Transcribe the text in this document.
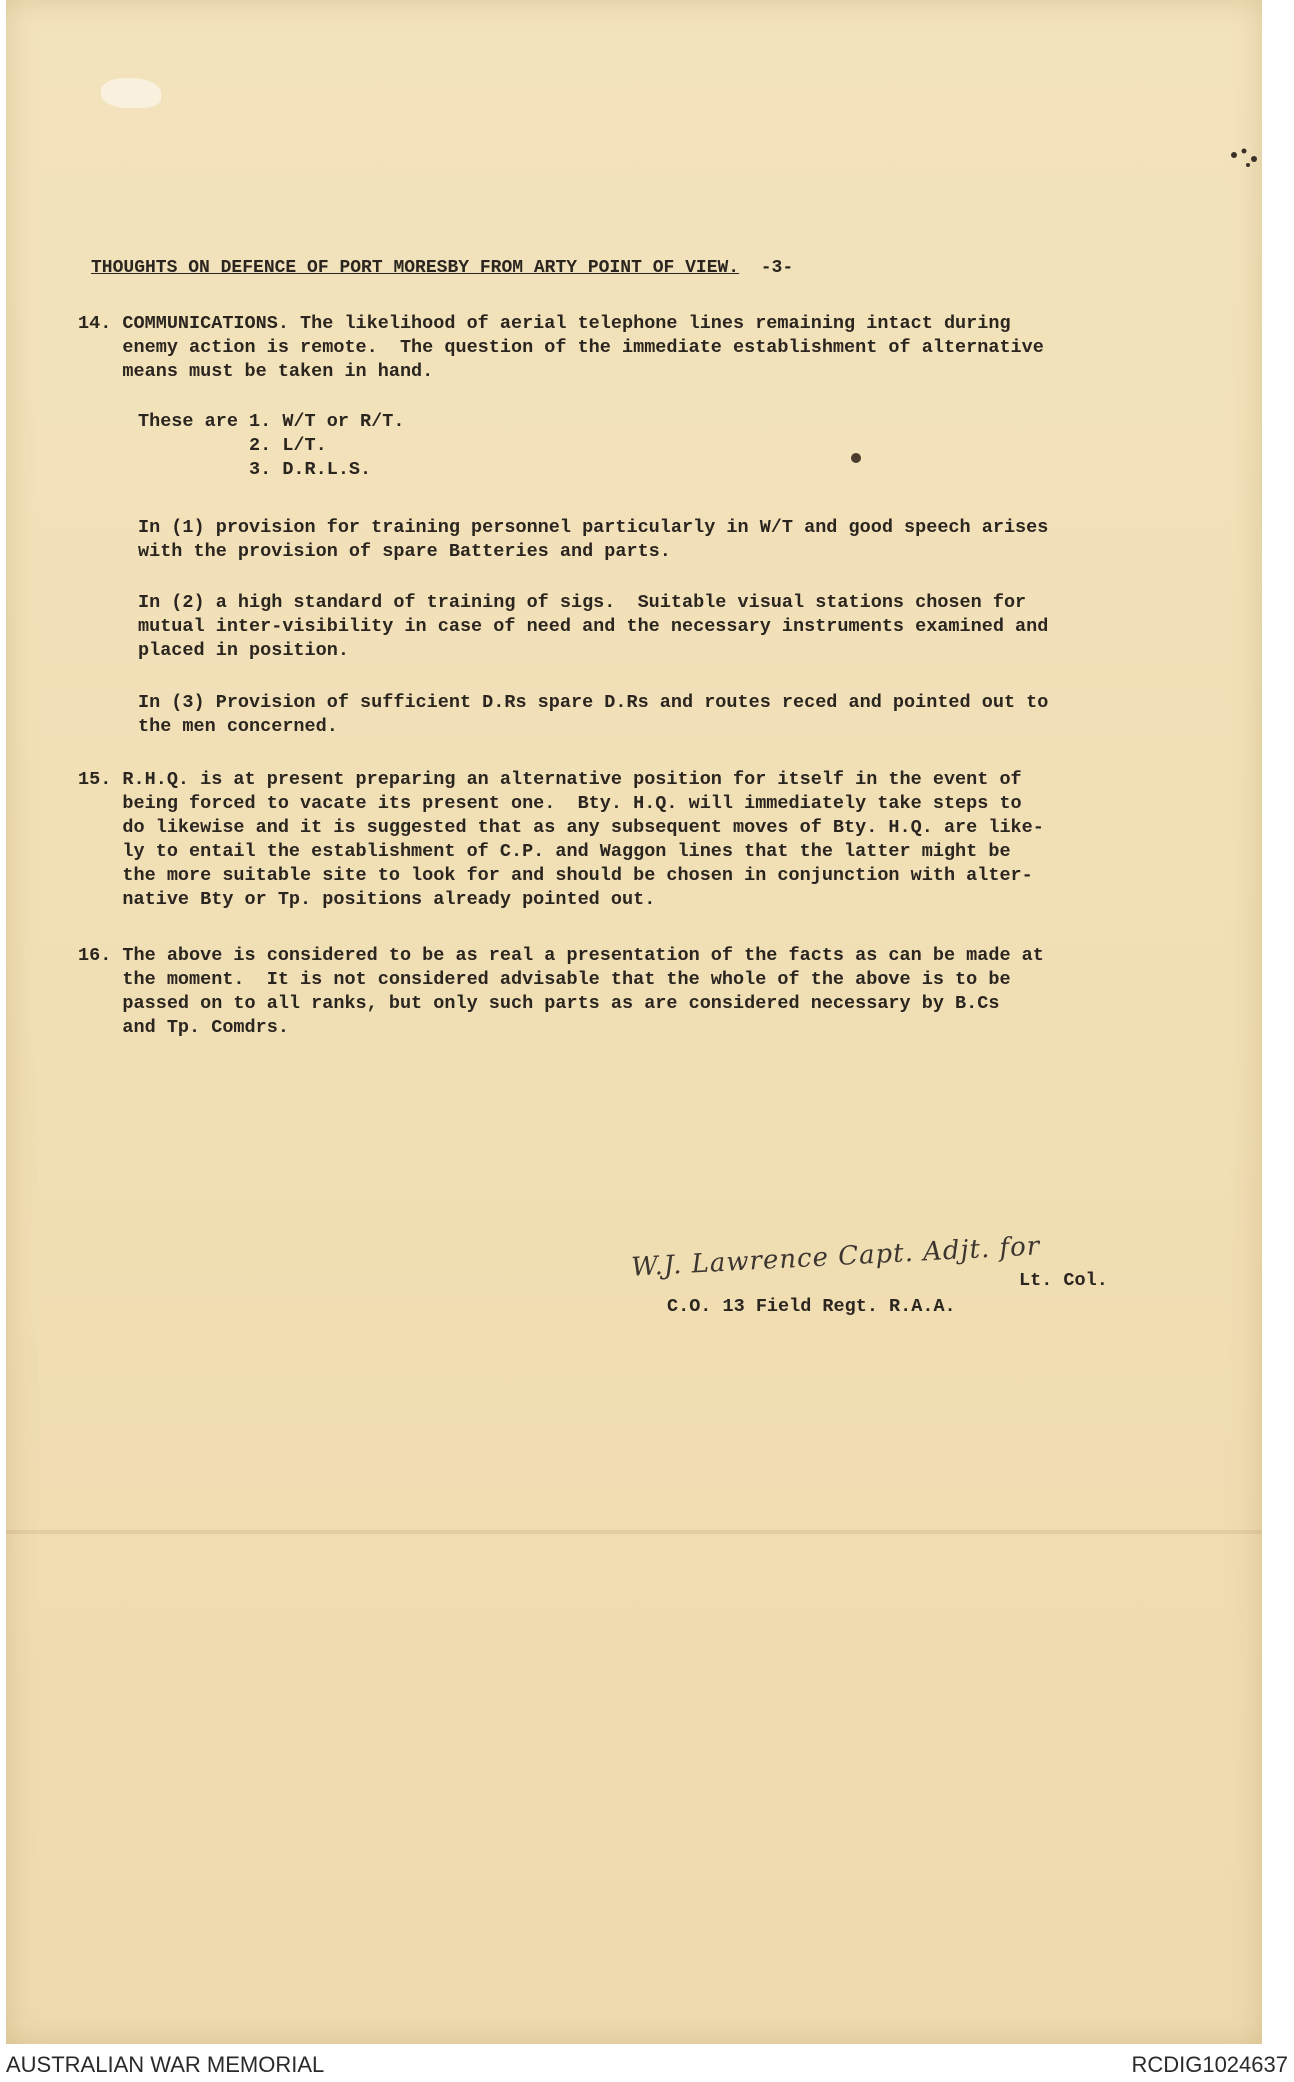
THOUGHTS ON DEFENCE OF PORT MORESBY FROM ARTY POINT OF VIEW. -3-
14. COMMUNICATIONS. The likelihood of aerial telephone lines remaining intact during
enemy action is remote.  The question of the immediate establishment of alternative
means must be taken in hand.
These are 1. W/T or R/T.
2. L/T.
3. D.R.L.S.
In (1) provision for training personnel particularly in W/T and good speech arises
with the provision of spare Batteries and parts.
In (2) a high standard of training of sigs.  Suitable visual stations chosen for
mutual inter-visibility in case of need and the necessary instruments examined and
placed in position.
In (3) Provision of sufficient D.Rs spare D.Rs and routes reced and pointed out to
the men concerned.
15. R.H.Q. is at present preparing an alternative position for itself in the event of
being forced to vacate its present one.  Bty. H.Q. will immediately take steps to
do likewise and it is suggested that as any subsequent moves of Bty. H.Q. are like-
ly to entail the establishment of C.P. and Waggon lines that the latter might be
the more suitable site to look for and should be chosen in conjunction with alter-
native Bty or Tp. positions already pointed out.
16. The above is considered to be as real a presentation of the facts as can be made at
the moment.  It is not considered advisable that the whole of the above is to be
passed on to all ranks, but only such parts as are considered necessary by B.Cs
and Tp. Comdrs.
W.J. Lawrence Capt. Adjt. for
Lt. Col.
C.O. 13 Field Regt. R.A.A.
AUSTRALIAN WAR MEMORIAL	RCDIG1024637
